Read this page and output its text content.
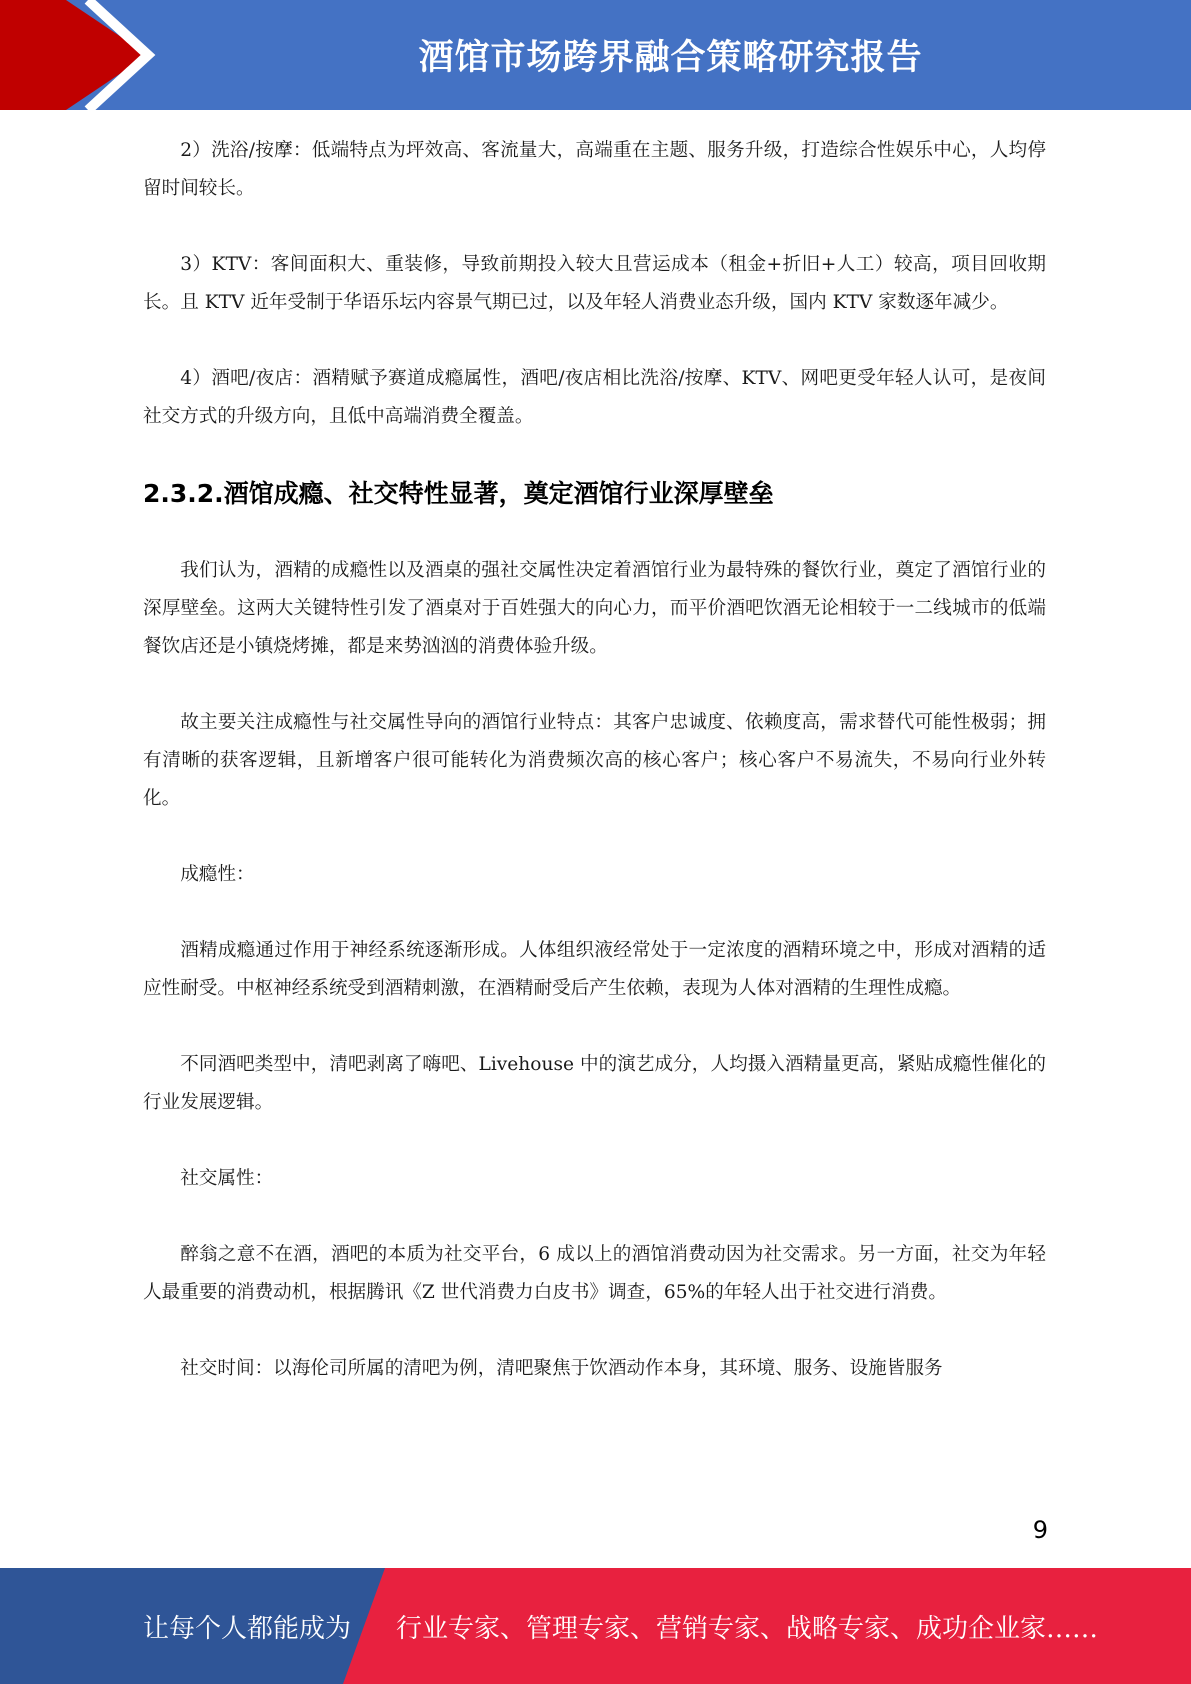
酒馆市场跨界融合策略研究报告

2）洗浴/按摩：低端特点为坪效高、客流量大，高端重在主题、服务升级，打造综合性娱乐中心，人均停留时间较长。

3）KTV：客间面积大、重装修，导致前期投入较大且营运成本（租金+折旧+人工）较高，项目回收期长。且 KTV 近年受制于华语乐坛内容景气期已过，以及年轻人消费业态升级，国内 KTV 家数逐年减少。

4）酒吧/夜店：酒精赋予赛道成瘾属性，酒吧/夜店相比洗浴/按摩、KTV、网吧更受年轻人认可，是夜间社交方式的升级方向，且低中高端消费全覆盖。

2.3.2.酒馆成瘾、社交特性显著，奠定酒馆行业深厚壁垒

我们认为，酒精的成瘾性以及酒桌的强社交属性决定着酒馆行业为最特殊的餐饮行业，奠定了酒馆行业的深厚壁垒。这两大关键特性引发了酒桌对于百姓强大的向心力，而平价酒吧饮酒无论相较于一二线城市的低端餐饮店还是小镇烧烤摊，都是来势汹汹的消费体验升级。

故主要关注成瘾性与社交属性导向的酒馆行业特点：其客户忠诚度、依赖度高，需求替代可能性极弱；拥有清晰的获客逻辑，且新增客户很可能转化为消费频次高的核心客户；核心客户不易流失，不易向行业外转化。

成瘾性：

酒精成瘾通过作用于神经系统逐渐形成。人体组织液经常处于一定浓度的酒精环境之中，形成对酒精的适应性耐受。中枢神经系统受到酒精刺激，在酒精耐受后产生依赖，表现为人体对酒精的生理性成瘾。

不同酒吧类型中，清吧剥离了嗨吧、Livehouse 中的演艺成分，人均摄入酒精量更高，紧贴成瘾性催化的行业发展逻辑。

社交属性：

醉翁之意不在酒，酒吧的本质为社交平台，6 成以上的酒馆消费动因为社交需求。另一方面，社交为年轻人最重要的消费动机，根据腾讯《Z 世代消费力白皮书》调查，65%的年轻人出于社交进行消费。

社交时间：以海伦司所属的清吧为例，清吧聚焦于饮酒动作本身，其环境、服务、设施皆服务

9
让每个人都能成为 行业专家、管理专家、营销专家、战略专家、成功企业家……
